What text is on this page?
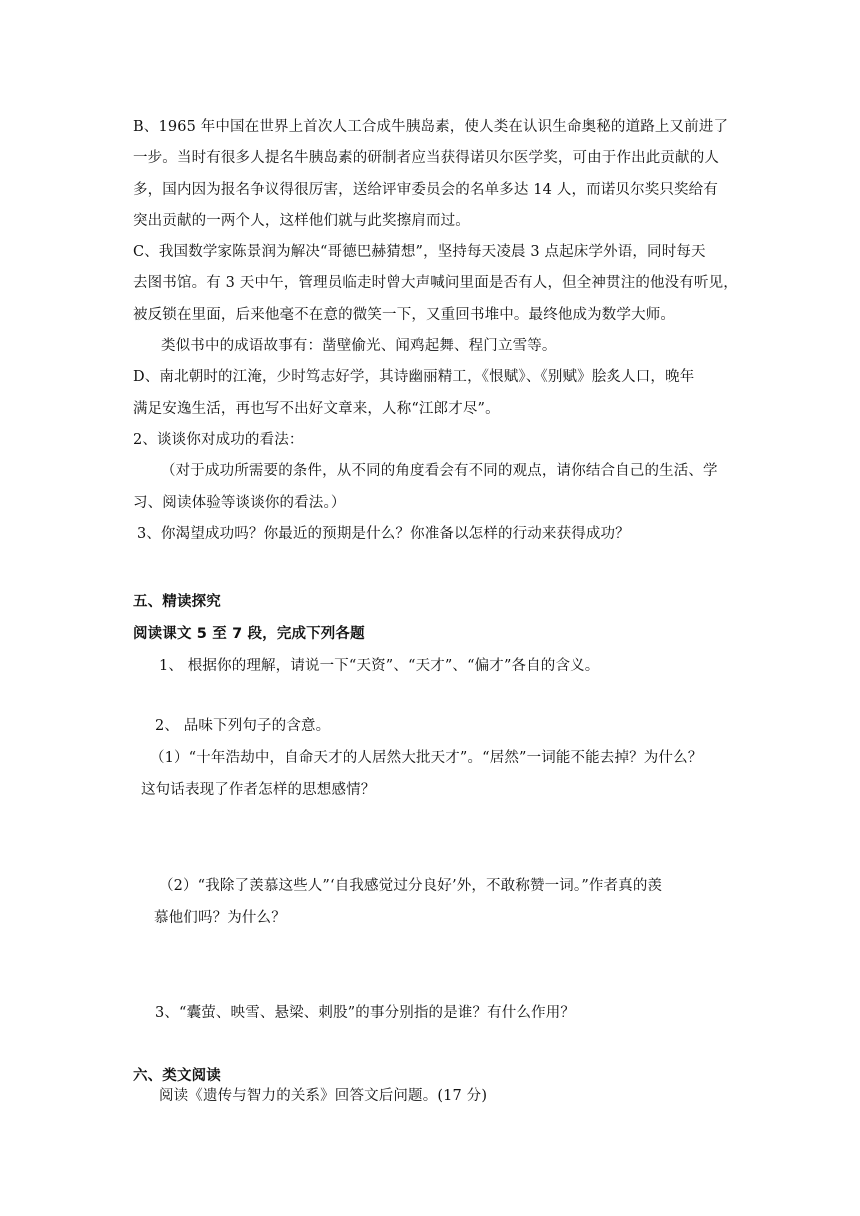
B、1965 年中国在世界上首次人工合成牛胰岛素，使人类在认识生命奥秘的道路上又前进了
一步。当时有很多人提名牛胰岛素的研制者应当获得诺贝尔医学奖，可由于作出此贡献的人
多，国内因为报名争议得很厉害，送给评审委员会的名单多达 14 人，而诺贝尔奖只奖给有
突出贡献的一两个人，这样他们就与此奖擦肩而过。
C、我国数学家陈景润为解决“哥德巴赫猜想”，坚持每天凌晨 3 点起床学外语，同时每天
去图书馆。有 3 天中午，管理员临走时曾大声喊问里面是否有人，但全神贯注的他没有听见，
被反锁在里面，后来他毫不在意的微笑一下，又重回书堆中。最终他成为数学大师。
类似书中的成语故事有：凿壁偷光、闻鸡起舞、程门立雪等。
D、南北朝时的江淹，少时笃志好学，其诗幽丽精工，《恨赋》、《别赋》脍炙人口，晚年
满足安逸生活，再也写不出好文章来，人称“江郎才尽”。
2、谈谈你对成功的看法：
（对于成功所需要的条件，从不同的角度看会有不同的观点，请你结合自己的生活、学
习、阅读体验等谈谈你的看法。）
3、你渴望成功吗？你最近的预期是什么？你准备以怎样的行动来获得成功？
五、精读探究
阅读课文 5 至 7 段，完成下列各题
1、 根据你的理解，请说一下“天资”、“天才”、“偏才”各自的含义。
2、 品味下列句子的含意。
（1）“十年浩劫中，自命天才的人居然大批天才”。“居然”一词能不能去掉？为什么？
这句话表现了作者怎样的思想感情？
（2）“我除了羡慕这些人”‘自我感觉过分良好’外，不敢称赞一词。”作者真的羡
慕他们吗？为什么？
3、“囊萤、映雪、悬梁、刺股”的事分别指的是谁？有什么作用？
六、类文阅读
阅读《遗传与智力的关系》回答文后问题。(17 分)
